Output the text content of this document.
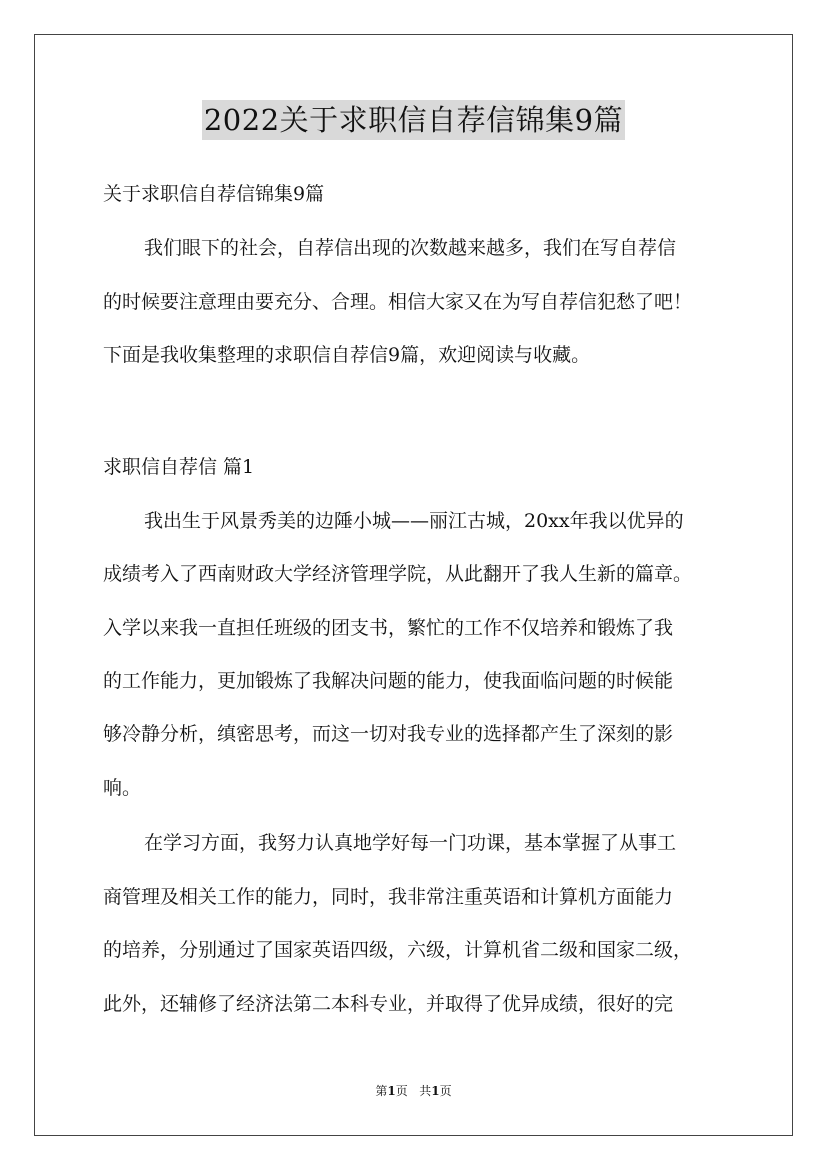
2022关于求职信自荐信锦集9篇
关于求职信自荐信锦集9篇
我们眼下的社会，自荐信出现的次数越来越多，我们在写自荐信
的时候要注意理由要充分、合理。相信大家又在为写自荐信犯愁了吧！
下面是我收集整理的求职信自荐信9篇，欢迎阅读与收藏。
求职信自荐信 篇1
我出生于风景秀美的边陲小城——丽江古城，20xx年我以优异的
成绩考入了西南财政大学经济管理学院，从此翻开了我人生新的篇章。
入学以来我一直担任班级的团支书，繁忙的工作不仅培养和锻炼了我
的工作能力，更加锻炼了我解决问题的能力，使我面临问题的时候能
够冷静分析，缜密思考，而这一切对我专业的选择都产生了深刻的影
响。
在学习方面，我努力认真地学好每一门功课，基本掌握了从事工
商管理及相关工作的能力，同时，我非常注重英语和计算机方面能力
的培养，分别通过了国家英语四级，六级，计算机省二级和国家二级，
此外，还辅修了经济法第二本科专业，并取得了优异成绩，很好的完
第1页 共1页
